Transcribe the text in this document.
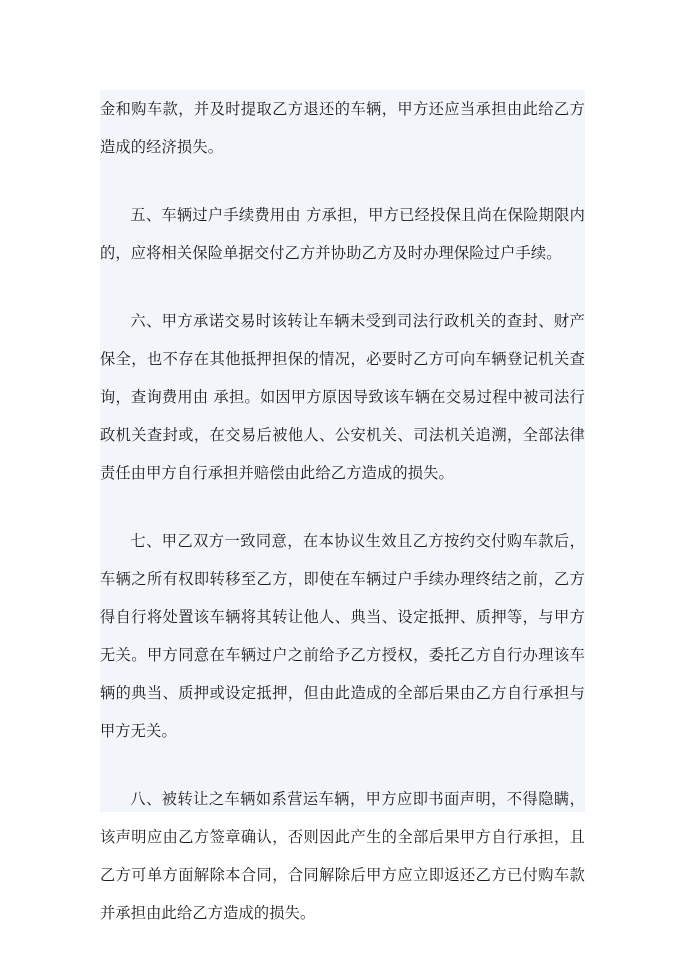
金和购车款，并及时提取乙方退还的车辆，甲方还应当承担由此给乙方造成的经济损失。

五、车辆过户手续费用由 方承担，甲方已经投保且尚在保险期限内的，应将相关保险单据交付乙方并协助乙方及时办理保险过户手续。

六、甲方承诺交易时该转让车辆未受到司法行政机关的查封、财产保全，也不存在其他抵押担保的情况，必要时乙方可向车辆登记机关查询，查询费用由 承担。如因甲方原因导致该车辆在交易过程中被司法行政机关查封或，在交易后被他人、公安机关、司法机关追溯，全部法律责任由甲方自行承担并赔偿由此给乙方造成的损失。

七、甲乙双方一致同意，在本协议生效且乙方按约交付购车款后，车辆之所有权即转移至乙方，即使在车辆过户手续办理终结之前，乙方得自行将处置该车辆将其转让他人、典当、设定抵押、质押等，与甲方无关。甲方同意在车辆过户之前给予乙方授权，委托乙方自行办理该车辆的典当、质押或设定抵押，但由此造成的全部后果由乙方自行承担与甲方无关。

八、被转让之车辆如系营运车辆，甲方应即书面声明，不得隐瞒，该声明应由乙方签章确认，否则因此产生的全部后果甲方自行承担，且乙方可单方面解除本合同，合同解除后甲方应立即返还乙方已付购车款并承担由此给乙方造成的损失。
